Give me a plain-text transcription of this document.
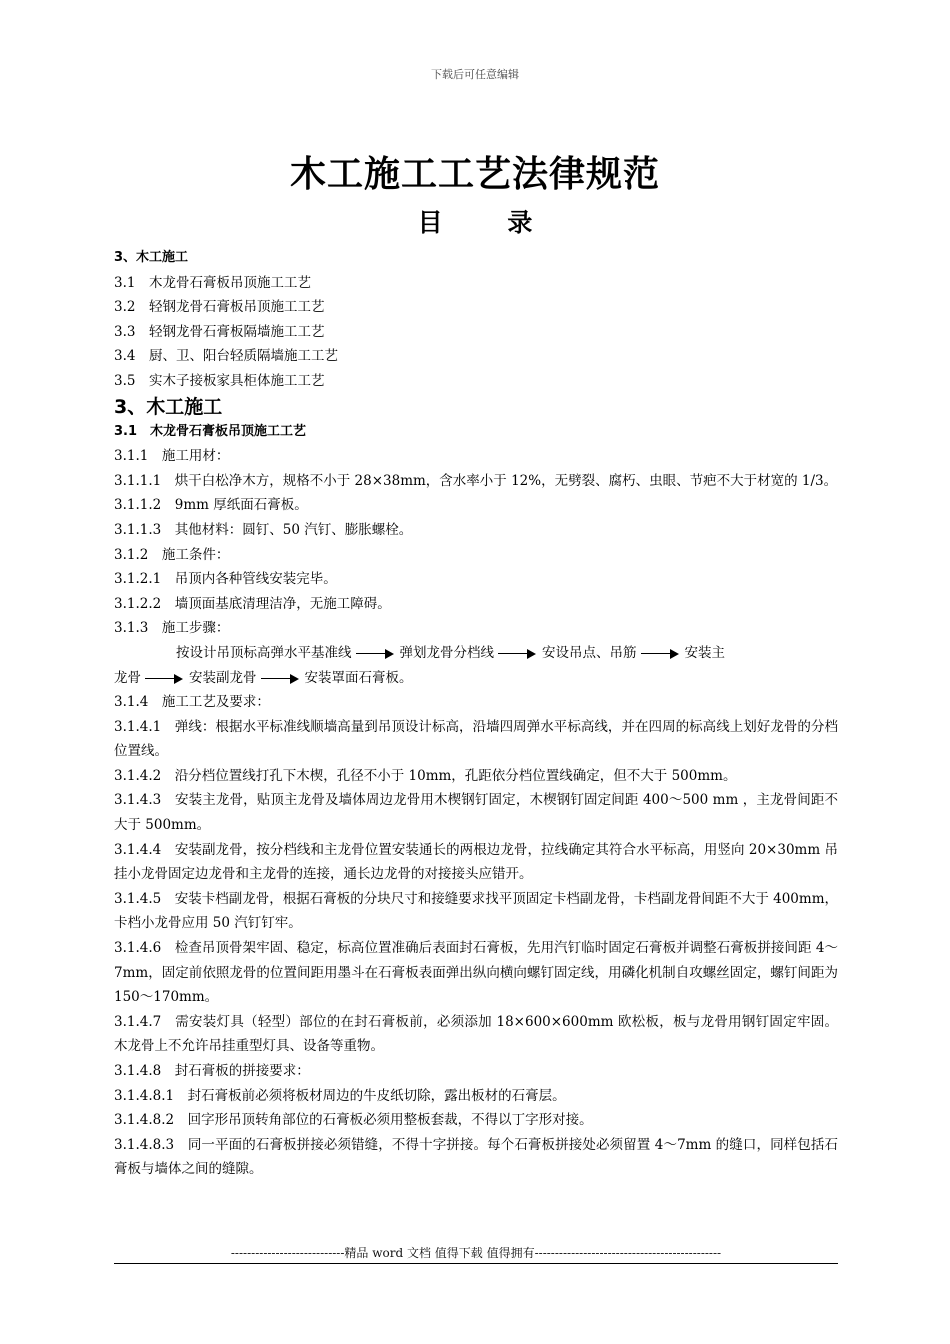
下载后可任意编辑
木工施工工艺法律规范
目 录
3、木工施工
3.1　木龙骨石膏板吊顶施工工艺
3.2　轻钢龙骨石膏板吊顶施工工艺
3.3　轻钢龙骨石膏板隔墙施工工艺
3.4　厨、卫、阳台轻质隔墙施工工艺
3.5　实木子接板家具柜体施工工艺
3、木工施工
3.1　木龙骨石膏板吊顶施工工艺
3.1.1　施工用材：
3.1.1.1　烘干白松净木方，规格不小于 28×38mm，含水率小于 12%，无劈裂、腐朽、虫眼、节疤不大于材宽的 1/3。
3.1.1.2　9mm 厚纸面石膏板。
3.1.1.3　其他材料：圆钉、50 汽钉、膨胀螺栓。
3.1.2　施工条件：
3.1.2.1　吊顶内各种管线安装完毕。
3.1.2.2　墙顶面基底清理洁净，无施工障碍。
3.1.3　施工步骤：
按设计吊顶标高弹水平基准线	弹划龙骨分档线	安设吊点、吊筋	安装主
龙骨	安装副龙骨	安装罩面石膏板。
3.1.4　施工工艺及要求：
3.1.4.1　弹线：根据水平标准线顺墙高量到吊顶设计标高，沿墙四周弹水平标高线，并在四周的标高线上划好龙骨的分档位置线。
3.1.4.2　沿分档位置线打孔下木楔，孔径不小于 10mm，孔距依分档位置线确定，但不大于 500mm。
3.1.4.3　安装主龙骨，贴顶主龙骨及墙体周边龙骨用木楔钢钉固定，木楔钢钉固定间距 400～500 mm ，主龙骨间距不大于 500mm。
3.1.4.4　安装副龙骨，按分档线和主龙骨位置安装通长的两根边龙骨，拉线确定其符合水平标高，用竖向 20×30mm 吊挂小龙骨固定边龙骨和主龙骨的连接，通长边龙骨的对接接头应错开。
3.1.4.5　安装卡档副龙骨，根据石膏板的分块尺寸和接缝要求找平顶固定卡档副龙骨，卡档副龙骨间距不大于 400mm，卡档小龙骨应用 50 汽钉钉牢。
3.1.4.6　检查吊顶骨架牢固、稳定，标高位置准确后表面封石膏板，先用汽钉临时固定石膏板并调整石膏板拼接间距 4～7mm，固定前依照龙骨的位置间距用墨斗在石膏板表面弹出纵向横向螺钉固定线，用磷化机制自攻螺丝固定，螺钉间距为 150～170mm。
3.1.4.7　需安装灯具（轻型）部位的在封石膏板前，必须添加 18×600×600mm 欧松板，板与龙骨用钢钉固定牢固。木龙骨上不允许吊挂重型灯具、设备等重物。
3.1.4.8　封石膏板的拼接要求：
3.1.4.8.1　封石膏板前必须将板材周边的牛皮纸切除，露出板材的石膏层。
3.1.4.8.2　回字形吊顶转角部位的石膏板必须用整板套裁，不得以丁字形对接。
3.1.4.8.3　同一平面的石膏板拼接必须错缝，不得十字拼接。每个石膏板拼接处必须留置 4～7mm 的缝口，同样包括石膏板与墙体之间的缝隙。
----------------------------精品 word 文档 值得下载 值得拥有----------------------------------------------
